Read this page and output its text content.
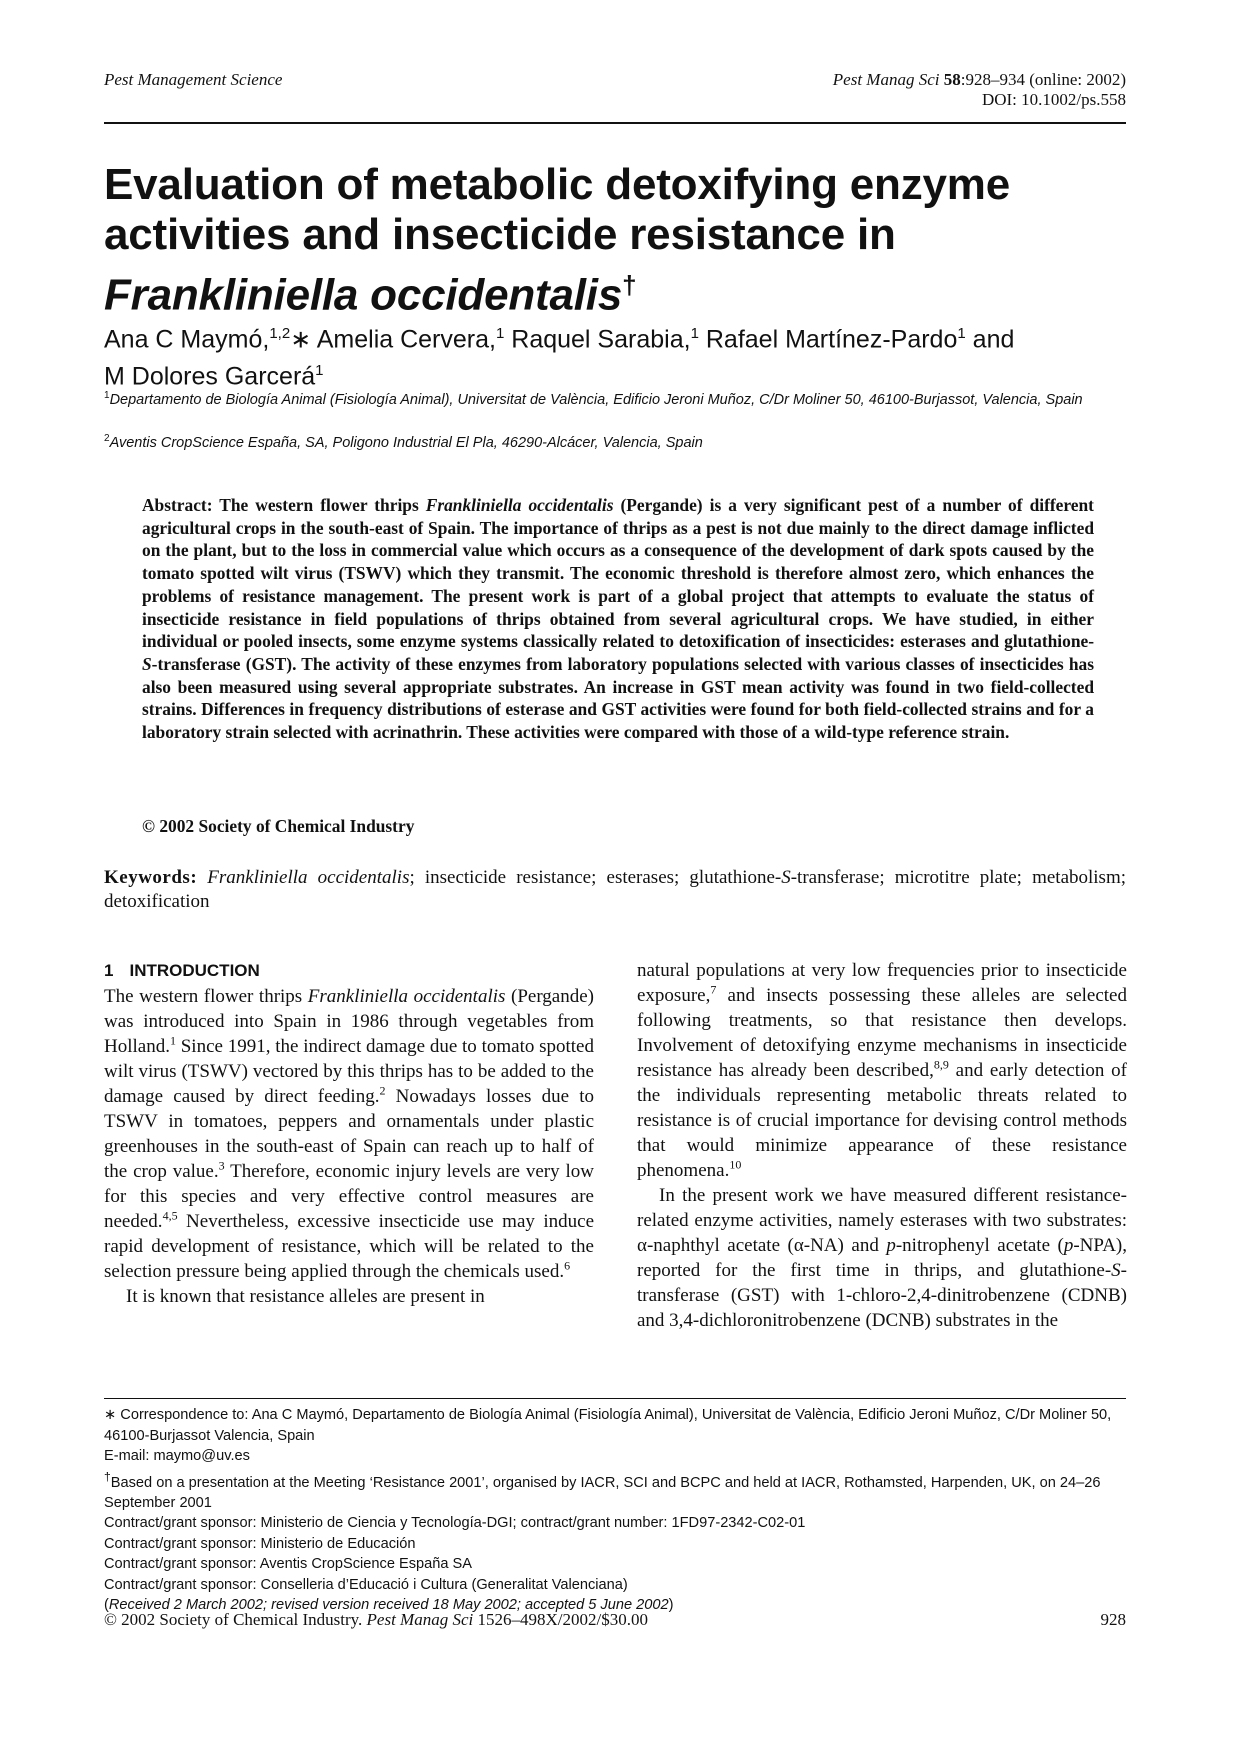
Pest Management Science	Pest Manag Sci 58:928–934 (online: 2002)
DOI: 10.1002/ps.558
Evaluation of metabolic detoxifying enzyme
activities and insecticide resistance in
Frankliniella occidentalis†
Ana C Maymó,$^{1,2}$∗ Amelia Cervera,$^1$ Raquel Sarabia,$^1$ Rafael Martínez-Pardo$^1$ and
M Dolores Garcerá$^1$
$^1$Departamento de Biología Animal (Fisiología Animal), Universitat de València, Edificio Jeroni Muñoz, C/Dr Moliner 50, 46100-Burjassot, Valencia, Spain
$^2$Aventis CropScience España, SA, Poligono Industrial El Pla, 46290-Alcácer, Valencia, Spain
Abstract: The western flower thrips Frankliniella occidentalis (Pergande) is a very significant pest of a number of different agricultural crops in the south-east of Spain. The importance of thrips as a pest is not due mainly to the direct damage inflicted on the plant, but to the loss in commercial value which occurs as a consequence of the development of dark spots caused by the tomato spotted wilt virus (TSWV) which they transmit. The economic threshold is therefore almost zero, which enhances the problems of resistance management. The present work is part of a global project that attempts to evaluate the status of insecticide resistance in field populations of thrips obtained from several agricultural crops. We have studied, in either individual or pooled insects, some enzyme systems classically related to detoxification of insecticides: esterases and glutathione-S-transferase (GST). The activity of these enzymes from laboratory populations selected with various classes of insecticides has also been measured using several appropriate substrates. An increase in GST mean activity was found in two field-collected strains. Differences in frequency distributions of esterase and GST activities were found for both field-collected strains and for a laboratory strain selected with acrinathrin. These activities were compared with those of a wild-type reference strain.
© 2002 Society of Chemical Industry
Keywords: Frankliniella occidentalis; insecticide resistance; esterases; glutathione-S-transferase; microtitre plate; metabolism; detoxification
1 INTRODUCTION

The western flower thrips Frankliniella occidentalis (Pergande) was introduced into Spain in 1986 through vegetables from Holland.$^1$ Since 1991, the indirect damage due to tomato spotted wilt virus (TSWV) vectored by this thrips has to be added to the damage caused by direct feeding.$^2$ Nowadays losses due to TSWV in tomatoes, peppers and ornamentals under plastic greenhouses in the south-east of Spain can reach up to half of the crop value.$^3$ Therefore, economic injury levels are very low for this species and very effective control measures are needed.$^{4,5}$ Nevertheless, excessive insecticide use may induce rapid development of resistance, which will be related to the selection pressure being applied through the chemicals used.$^6$

It is known that resistance alleles are present in

natural populations at very low frequencies prior to insecticide exposure,$^7$ and insects possessing these alleles are selected following treatments, so that resistance then develops. Involvement of detoxifying enzyme mechanisms in insecticide resistance has already been described,$^{8,9}$ and early detection of the individuals representing metabolic threats related to resistance is of crucial importance for devising control methods that would minimize appearance of these resistance phenomena.$^{10}$

In the present work we have measured different resistance-related enzyme activities, namely esterases with two substrates: α-naphthyl acetate (α-NA) and p-nitrophenyl acetate (p-NPA), reported for the first time in thrips, and glutathione-S-transferase (GST) with 1-chloro-2,4-dinitrobenzene (CDNB) and 3,4-dichloronitrobenzene (DCNB) substrates in the

∗ Correspondence to: Ana C Maymó, Departamento de Biología Animal (Fisiología Animal), Universitat de València, Edificio Jeroni Muñoz, C/Dr Moliner 50, 46100-Burjassot Valencia, Spain

E-mail: maymo@uv.es

†Based on a presentation at the Meeting ‘Resistance 2001’, organised by IACR, SCI and BCPC and held at IACR, Rothamsted, Harpenden, UK, on 24–26 September 2001

Contract/grant sponsor: Ministerio de Ciencia y Tecnología-DGI; contract/grant number: 1FD97-2342-C02-01

Contract/grant sponsor: Ministerio de Educación

Contract/grant sponsor: Aventis CropScience España SA

Contract/grant sponsor: Conselleria d’Educació i Cultura (Generalitat Valenciana)

(Received 2 March 2002; revised version received 18 May 2002; accepted 5 June 2002)

© 2002 Society of Chemical Industry. Pest Manag Sci 1526–498X/2002/$30.00	928
